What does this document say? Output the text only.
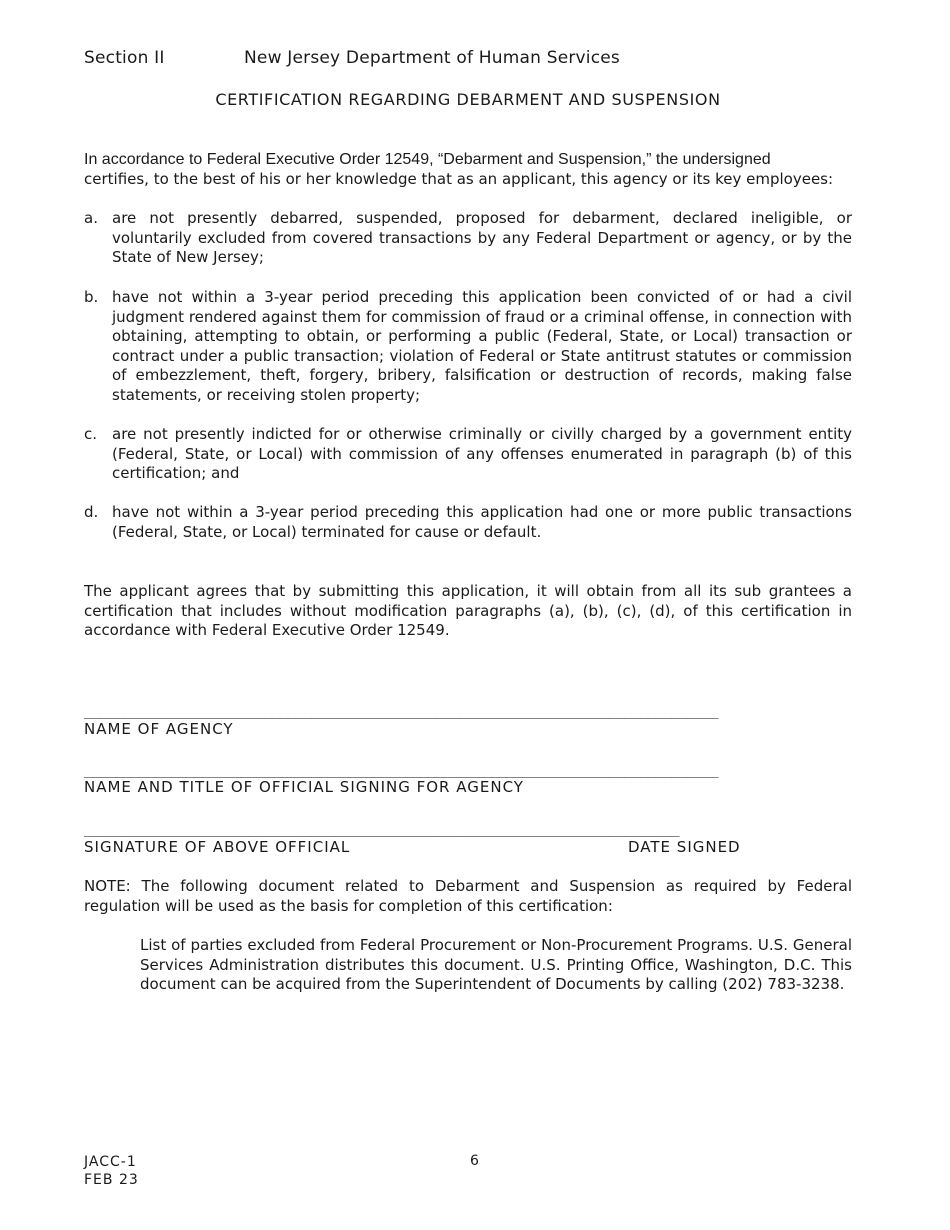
Section II	New Jersey Department of Human Services
CERTIFICATION REGARDING DEBARMENT AND SUSPENSION
In accordance to Federal Executive Order 12549, “Debarment and Suspension,” the undersigned
certifies, to the best of his or her knowledge that as an applicant, this agency or its key employees:
a. are not presently debarred, suspended, proposed for debarment, declared ineligible, or voluntarily excluded from covered transactions by any Federal Department or agency, or by the State of New Jersey;
b. have not within a 3-year period preceding this application been convicted of or had a civil judgment rendered against them for commission of fraud or a criminal offense, in connection with obtaining, attempting to obtain, or performing a public (Federal, State, or Local) transaction or contract under a public transaction; violation of Federal or State antitrust statutes or commission of embezzlement, theft, forgery, bribery, falsification or destruction of records, making false statements, or receiving stolen property;
c. are not presently indicted for or otherwise criminally or civilly charged by a government entity (Federal, State, or Local) with commission of any offenses enumerated in paragraph (b) of this certification; and
d. have not within a 3-year period preceding this application had one or more public transactions (Federal, State, or Local) terminated for cause or default.
The applicant agrees that by submitting this application, it will obtain from all its sub grantees a certification that includes without modification paragraphs (a), (b), (c), (d), of this certification in accordance with Federal Executive Order 12549.
_________________________________________________________________________________
NAME OF AGENCY
_________________________________________________________________________________
NAME AND TITLE OF OFFICIAL SIGNING FOR AGENCY
____________________________________________________________________________
SIGNATURE OF ABOVE OFFICIAL	DATE SIGNED
NOTE: The following document related to Debarment and Suspension as required by Federal regulation will be used as the basis for completion of this certification:
List of parties excluded from Federal Procurement or Non-Procurement Programs. U.S. General Services Administration distributes this document. U.S. Printing Office, Washington, D.C. This document can be acquired from the Superintendent of Documents by calling (202) 783-3238.
JACC-1
FEB 23
6
